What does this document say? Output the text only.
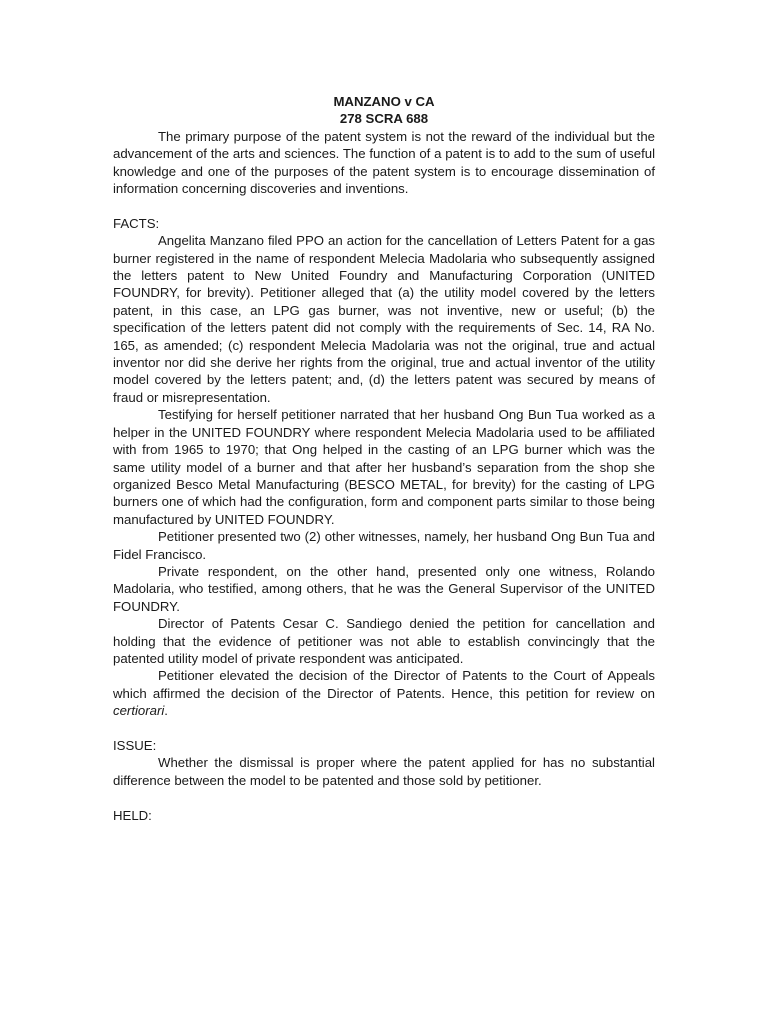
MANZANO v CA

278 SCRA 688

The primary purpose of the patent system is not the reward of the individual but the advancement of the arts and sciences. The function of a patent is to add to the sum of useful knowledge and one of the purposes of the patent system is to encourage dissemination of information concerning discoveries and inventions.

FACTS:

Angelita Manzano filed PPO an action for the cancellation of Letters Patent for a gas burner registered in the name of respondent Melecia Madolaria who subsequently assigned the letters patent to New United Foundry and Manufacturing Corporation (UNITED FOUNDRY, for brevity). Petitioner alleged that (a) the utility model covered by the letters patent, in this case, an LPG gas burner, was not inventive, new or useful; (b) the specification of the letters patent did not comply with the requirements of Sec. 14, RA No. 165, as amended; (c) respondent Melecia Madolaria was not the original, true and actual inventor nor did she derive her rights from the original, true and actual inventor of the utility model covered by the letters patent; and, (d) the letters patent was secured by means of fraud or misrepresentation.

Testifying for herself petitioner narrated that her husband Ong Bun Tua worked as a helper in the UNITED FOUNDRY where respondent Melecia Madolaria used to be affiliated with from 1965 to 1970; that Ong helped in the casting of an LPG burner which was the same utility model of a burner and that after her husband’s separation from the shop she organized Besco Metal Manufacturing (BESCO METAL, for brevity) for the casting of LPG burners one of which had the configuration, form and component parts similar to those being manufactured by UNITED FOUNDRY.

Petitioner presented two (2) other witnesses, namely, her husband Ong Bun Tua and Fidel Francisco.

Private respondent, on the other hand, presented only one witness, Rolando Madolaria, who testified, among others, that he was the General Supervisor of the UNITED FOUNDRY.

Director of Patents Cesar C. Sandiego denied the petition for cancellation and holding that the evidence of petitioner was not able to establish convincingly that the patented utility model of private respondent was anticipated.

Petitioner elevated the decision of the Director of Patents to the Court of Appeals which affirmed the decision of the Director of Patents. Hence, this petition for review on certiorari.

ISSUE:

Whether the dismissal is proper where the patent applied for has no substantial difference between the model to be patented and those sold by petitioner.

HELD:
